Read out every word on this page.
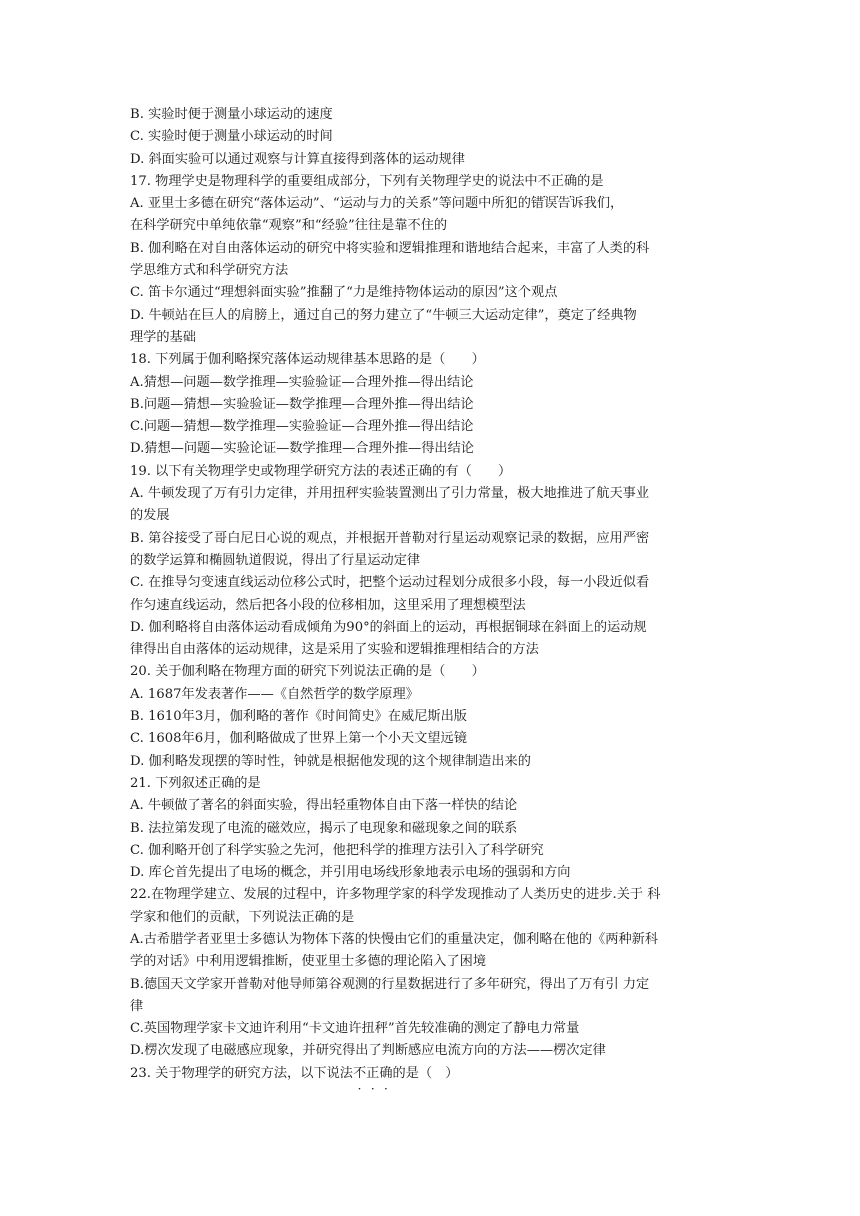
B. 实验时便于测量小球运动的速度
C. 实验时便于测量小球运动的时间
D. 斜面实验可以通过观察与计算直接得到落体的运动规律
17. 物理学史是物理科学的重要组成部分，下列有关物理学史的说法中不正确的是
A. 亚里士多德在研究“落体运动”、“运动与力的关系”等问题中所犯的错误告诉我们，
在科学研究中单纯依靠“观察”和“经验”往往是靠不住的
B. 伽利略在对自由落体运动的研究中将实验和逻辑推理和谐地结合起来，丰富了人类的科
学思维方式和科学研究方法
C. 笛卡尔通过“理想斜面实验”推翻了“力是维持物体运动的原因”这个观点
D. 牛顿站在巨人的肩膀上，通过自己的努力建立了“牛顿三大运动定律”，奠定了经典物
理学的基础
18. 下列属于伽利略探究落体运动规律基本思路的是（　　）
A.猜想—问题—数学推理—实验验证—合理外推—得出结论
B.问题—猜想—实验验证—数学推理—合理外推—得出结论
C.问题—猜想—数学推理—实验验证—合理外推—得出结论
D.猜想—问题—实验论证—数学推理—合理外推—得出结论
19. 以下有关物理学史或物理学研究方法的表述正确的有（　　）
A. 牛顿发现了万有引力定律，并用扭秤实验装置测出了引力常量，极大地推进了航天事业
的发展
B. 第谷接受了哥白尼日心说的观点，并根据开普勒对行星运动观察记录的数据，应用严密
的数学运算和椭圆轨道假说，得出了行星运动定律
C. 在推导匀变速直线运动位移公式时，把整个运动过程划分成很多小段，每一小段近似看
作匀速直线运动，然后把各小段的位移相加，这里采用了理想模型法
D. 伽利略将自由落体运动看成倾角为90°的斜面上的运动，再根据铜球在斜面上的运动规
律得出自由落体的运动规律，这是采用了实验和逻辑推理相结合的方法
20. 关于伽利略在物理方面的研究下列说法正确的是（　　）
A. 1687年发表著作——《自然哲学的数学原理》
B. 1610年3月，伽利略的著作《时间简史》在威尼斯出版
C. 1608年6月，伽利略做成了世界上第一个小天文望远镜
D. 伽利略发现摆的等时性，钟就是根据他发现的这个规律制造出来的
21. 下列叙述正确的是
A. 牛顿做了著名的斜面实验，得出轻重物体自由下落一样快的结论
B. 法拉第发现了电流的磁效应，揭示了电现象和磁现象之间的联系
C. 伽利略开创了科学实验之先河，他把科学的推理方法引入了科学研究
D. 库仑首先提出了电场的概念，并引用电场线形象地表示电场的强弱和方向
22.在物理学建立、发展的过程中，许多物理学家的科学发现推动了人类历史的进步.关于 科
学家和他们的贡献，下列说法正确的是
A.古希腊学者亚里士多德认为物体下落的快慢由它们的重量决定，伽利略在他的《两种新科
学的对话》中利用逻辑推断，使亚里士多德的理论陷入了困境
B.德国天文学家开普勒对他导师第谷观测的行星数据进行了多年研究，得出了万有引 力定
律
C.英国物理学家卡文迪许利用“卡文迪许扭秤”首先较准确的测定了静电力常量
D.楞次发现了电磁感应现象，并研究得出了判断感应电流方向的方法——楞次定律
23. 关于物理学的研究方法，以下说法不正确的是（　）
